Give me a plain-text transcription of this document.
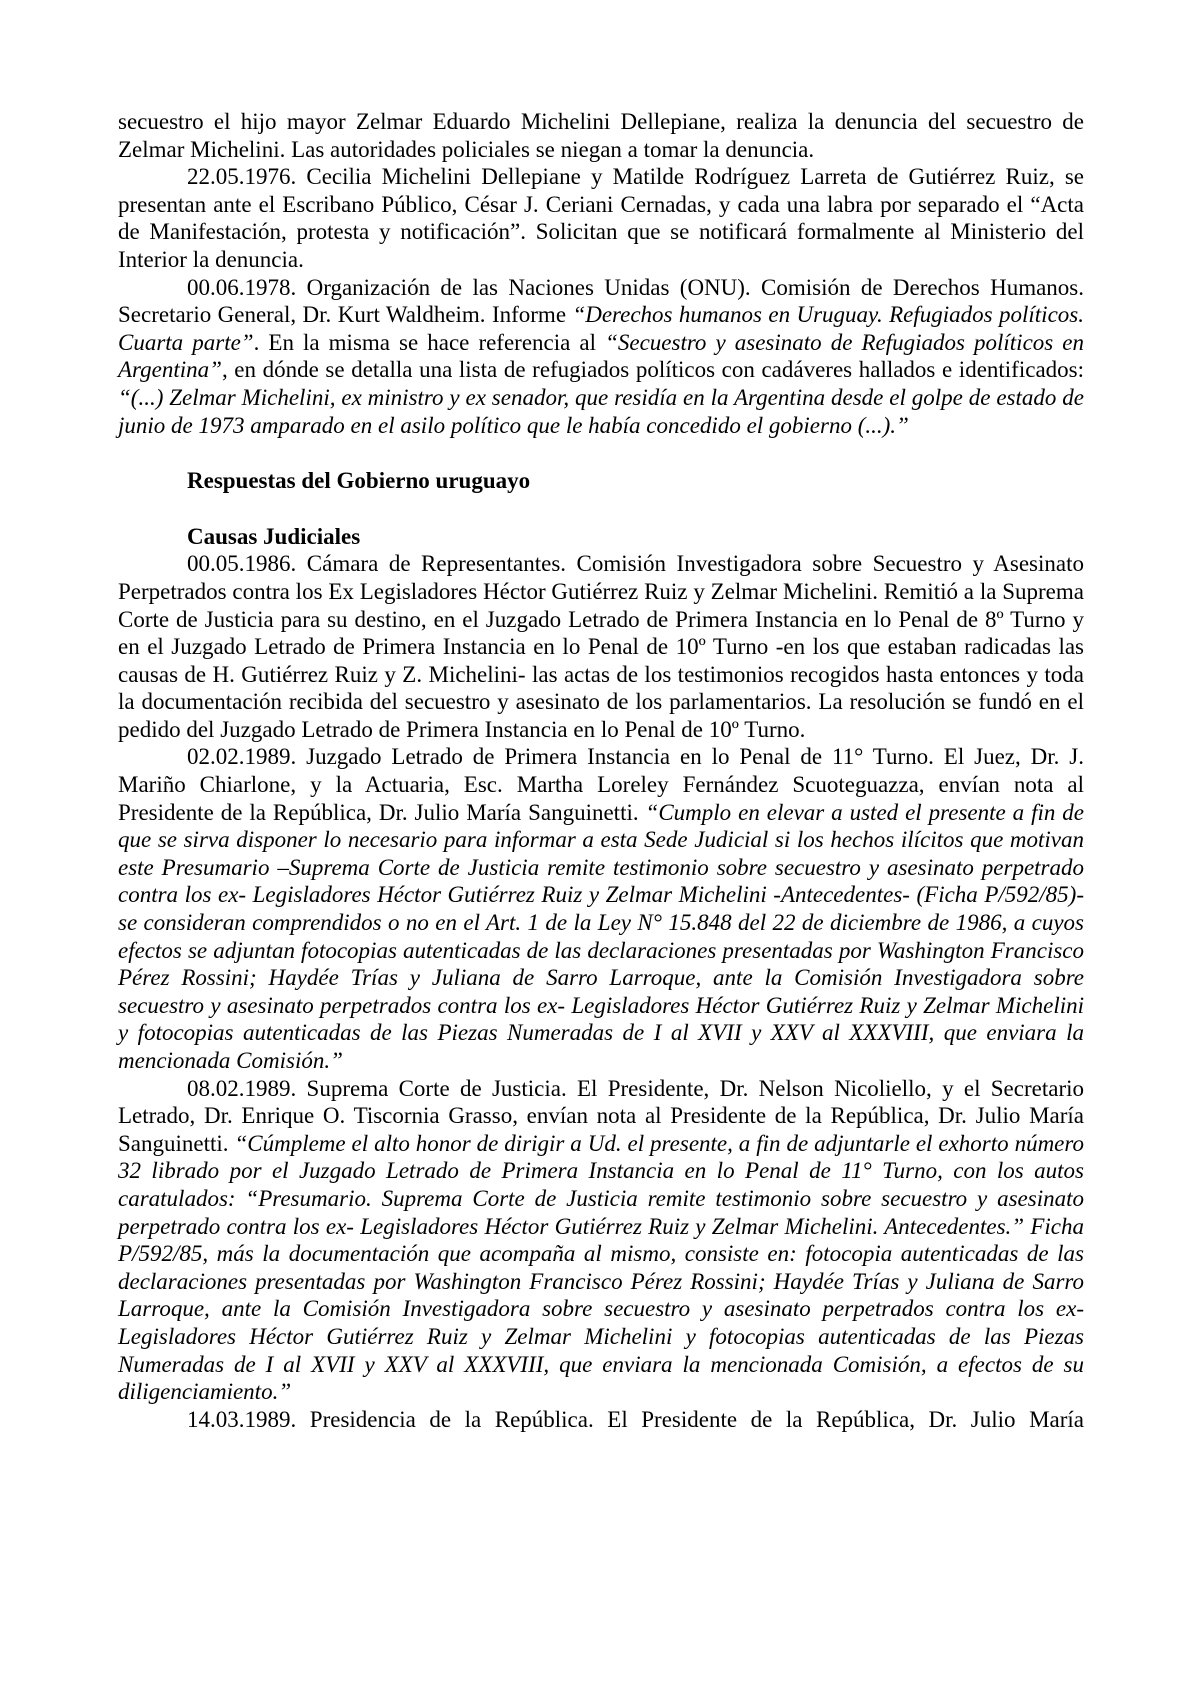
secuestro el hijo mayor Zelmar Eduardo Michelini Dellepiane, realiza la denuncia del secuestro de Zelmar Michelini. Las autoridades policiales se niegan a tomar la denuncia.

22.05.1976. Cecilia Michelini Dellepiane y Matilde Rodríguez Larreta de Gutiérrez Ruiz, se presentan ante el Escribano Público, César J. Ceriani Cernadas, y cada una labra por separado el “Acta de Manifestación, protesta y notificación”. Solicitan que se notificará formalmente al Ministerio del Interior la denuncia.

00.06.1978. Organización de las Naciones Unidas (ONU). Comisión de Derechos Humanos. Secretario General, Dr. Kurt Waldheim. Informe “Derechos humanos en Uruguay. Refugiados políticos. Cuarta parte”. En la misma se hace referencia al “Secuestro y asesinato de Refugiados políticos en Argentina”, en dónde se detalla una lista de refugiados políticos con cadáveres hallados e identificados: “(...) Zelmar Michelini, ex ministro y ex senador, que residía en la Argentina desde el golpe de estado de junio de 1973 amparado en el asilo político que le había concedido el gobierno (...).”

Respuestas del Gobierno uruguayo
Causas Judiciales

00.05.1986. Cámara de Representantes. Comisión Investigadora sobre Secuestro y Asesinato Perpetrados contra los Ex Legisladores Héctor Gutiérrez Ruiz y Zelmar Michelini. Remitió a la Suprema Corte de Justicia para su destino, en el Juzgado Letrado de Primera Instancia en lo Penal de 8º Turno y en el Juzgado Letrado de Primera Instancia en lo Penal de 10º Turno -en los que estaban radicadas las causas de H. Gutiérrez Ruiz y Z. Michelini- las actas de los testimonios recogidos hasta entonces y toda la documentación recibida del secuestro y asesinato de los parlamentarios. La resolución se fundó en el pedido del Juzgado Letrado de Primera Instancia en lo Penal de 10º Turno.

02.02.1989. Juzgado Letrado de Primera Instancia en lo Penal de 11° Turno. El Juez, Dr. J. Mariño Chiarlone, y la Actuaria, Esc. Martha Loreley Fernández Scuoteguazza, envían nota al Presidente de la República, Dr. Julio María Sanguinetti. “Cumplo en elevar a usted el presente a fin de que se sirva disponer lo necesario para informar a esta Sede Judicial si los hechos ilícitos que motivan este Presumario –Suprema Corte de Justicia remite testimonio sobre secuestro y asesinato perpetrado contra los ex- Legisladores Héctor Gutiérrez Ruiz y Zelmar Michelini -Antecedentes- (Ficha P/592/85)- se consideran comprendidos o no en el Art. 1 de la Ley N° 15.848 del 22 de diciembre de 1986, a cuyos efectos se adjuntan fotocopias autenticadas de las declaraciones presentadas por Washington Francisco Pérez Rossini; Haydée Trías y Juliana de Sarro Larroque, ante la Comisión Investigadora sobre secuestro y asesinato perpetrados contra los ex- Legisladores Héctor Gutiérrez Ruiz y Zelmar Michelini y fotocopias autenticadas de las Piezas Numeradas de I al XVII y XXV al XXXVIII, que enviara la mencionada Comisión.”

08.02.1989. Suprema Corte de Justicia. El Presidente, Dr. Nelson Nicoliello, y el Secretario Letrado, Dr. Enrique O. Tiscornia Grasso, envían nota al Presidente de la República, Dr. Julio María Sanguinetti. “Cúmpleme el alto honor de dirigir a Ud. el presente, a fin de adjuntarle el exhorto número 32 librado por el Juzgado Letrado de Primera Instancia en lo Penal de 11° Turno, con los autos caratulados: “Presumario. Suprema Corte de Justicia remite testimonio sobre secuestro y asesinato perpetrado contra los ex- Legisladores Héctor Gutiérrez Ruiz y Zelmar Michelini. Antecedentes.” Ficha P/592/85, más la documentación que acompaña al mismo, consiste en: fotocopia autenticadas de las declaraciones presentadas por Washington Francisco Pérez Rossini; Haydée Trías y Juliana de Sarro Larroque, ante la Comisión Investigadora sobre secuestro y asesinato perpetrados contra los ex- Legisladores Héctor Gutiérrez Ruiz y Zelmar Michelini y fotocopias autenticadas de las Piezas Numeradas de I al XVII y XXV al XXXVIII, que enviara la mencionada Comisión, a efectos de su diligenciamiento.”

14.03.1989. Presidencia de la República. El Presidente de la República, Dr. Julio María
